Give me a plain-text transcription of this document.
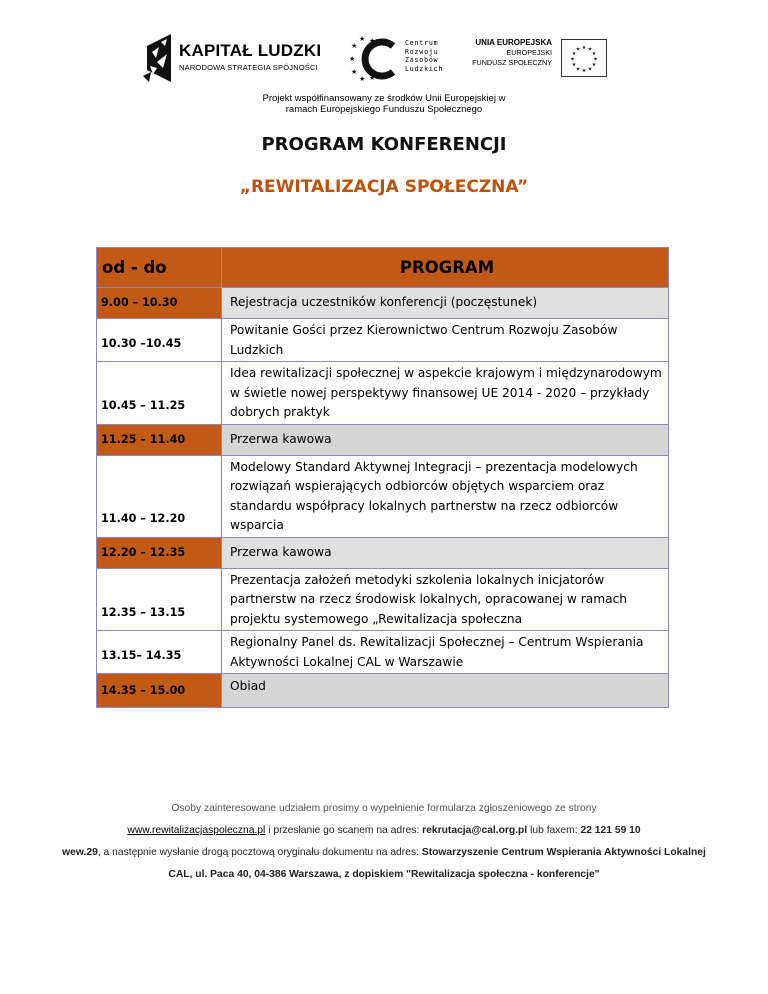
KAPITAŁ LUDZKI
NARODOWA STRATEGIA SPÓJNOŚCI
★
★
★
★
★
★
★
Centrum
Rozwoju
Zasobów
Ludzkich
UNIA EUROPEJSKA
EUROPEJSKI
FUNDUSZ SPOŁECZNY
★ ★
★
★
★
★
★
★
★
★
★
★
Projekt współfinansowany ze środków Unii Europejskiej w
ramach Europejskiego Funduszu Społecznego
PROGRAM KONFERENCJI
„REWITALIZACJA SPOŁECZNA”
od - do	PROGRAM
9.00 – 10.30	Rejestracja uczestników konferencji (poczęstunek)
10.30 –10.45	Powitanie Gości przez Kierownictwo Centrum Rozwoju Zasobów Ludzkich
10.45 – 11.25	Idea rewitalizacji społecznej w aspekcie krajowym i międzynarodowym w świetle nowej perspektywy finansowej UE 2014 - 2020 – przykłady dobrych praktyk
11.25 – 11.40	Przerwa kawowa
11.40 – 12.20	Modelowy Standard Aktywnej Integracji – prezentacja modelowych rozwiązań wspierających odbiorców objętych wsparciem oraz standardu współpracy lokalnych partnerstw na rzecz odbiorców wsparcia
12.20 – 12.35	Przerwa kawowa
12.35 – 13.15	Prezentacja założeń metodyki szkolenia lokalnych inicjatorów partnerstw na rzecz środowisk lokalnych, opracowanej w ramach projektu systemowego „Rewitalizacja społeczna
13.15– 14.35	Regionalny Panel ds. Rewitalizacji Społecznej – Centrum Wspierania Aktywności Lokalnej CAL w Warszawie
14.35 – 15.00	Obiad
Osoby zainteresowane udziałem prosimy o wypełnienie formularza zgłoszeniowego ze strony
www.rewitalizacjaspoleczna.pl i przesłanie go scanem na adres: rekrutacja@cal.org.pl lub faxem: 22 121 59 10
wew.29, a następnie wysłanie drogą pocztową oryginału dokumentu na adres: Stowarzyszenie Centrum Wspierania Aktywności Lokalnej CAL, ul. Paca 40, 04-386 Warszawa, z dopiskiem "Rewitalizacja społeczna - konferencje"
